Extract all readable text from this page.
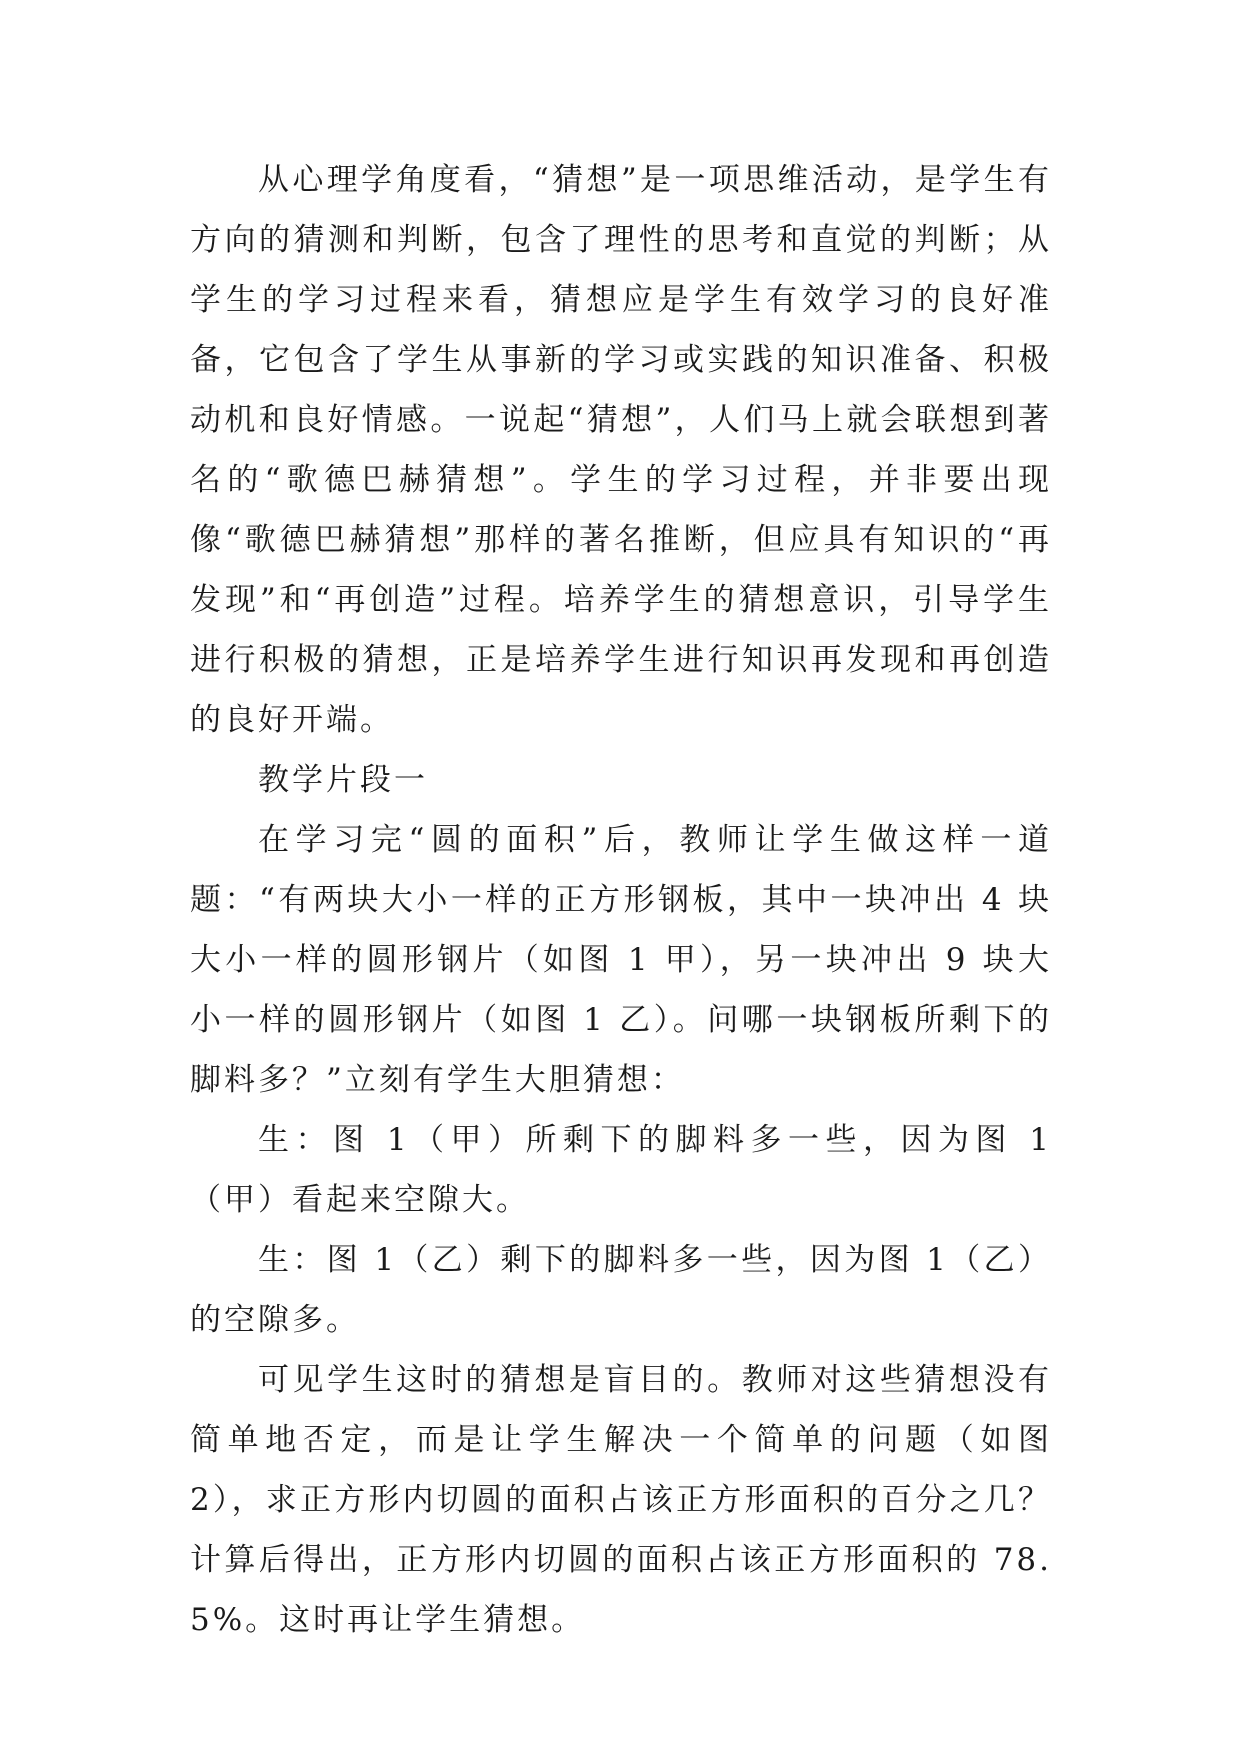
从心理学角度看，“猜想”是一项思维活动，是学生有方向的猜测和判断，包含了理性的思考和直觉的判断；从学生的学习过程来看，猜想应是学生有效学习的良好准备，它包含了学生从事新的学习或实践的知识准备、积极动机和良好情感。一说起“猜想”，人们马上就会联想到著名的“歌德巴赫猜想”。学生的学习过程，并非要出现像“歌德巴赫猜想”那样的著名推断，但应具有知识的“再发现”和“再创造”过程。培养学生的猜想意识，引导学生进行积极的猜想，正是培养学生进行知识再发现和再创造的良好开端。

教学片段一

在学习完“圆的面积”后，教师让学生做这样一道题：“有两块大小一样的正方形钢板，其中一块冲出 4 块大小一样的圆形钢片（如图 1 甲），另一块冲出 9 块大小一样的圆形钢片（如图 1 乙）。问哪一块钢板所剩下的脚料多？”立刻有学生大胆猜想：

生：图 1（甲）所剩下的脚料多一些，因为图 1（甲）看起来空隙大。

生：图 1（乙）剩下的脚料多一些，因为图 1（乙）的空隙多。

可见学生这时的猜想是盲目的。教师对这些猜想没有简单地否定，而是让学生解决一个简单的问题（如图 2），求正方形内切圆的面积占该正方形面积的百分之几？计算后得出，正方形内切圆的面积占该正方形面积的 78.5%。这时再让学生猜想。
